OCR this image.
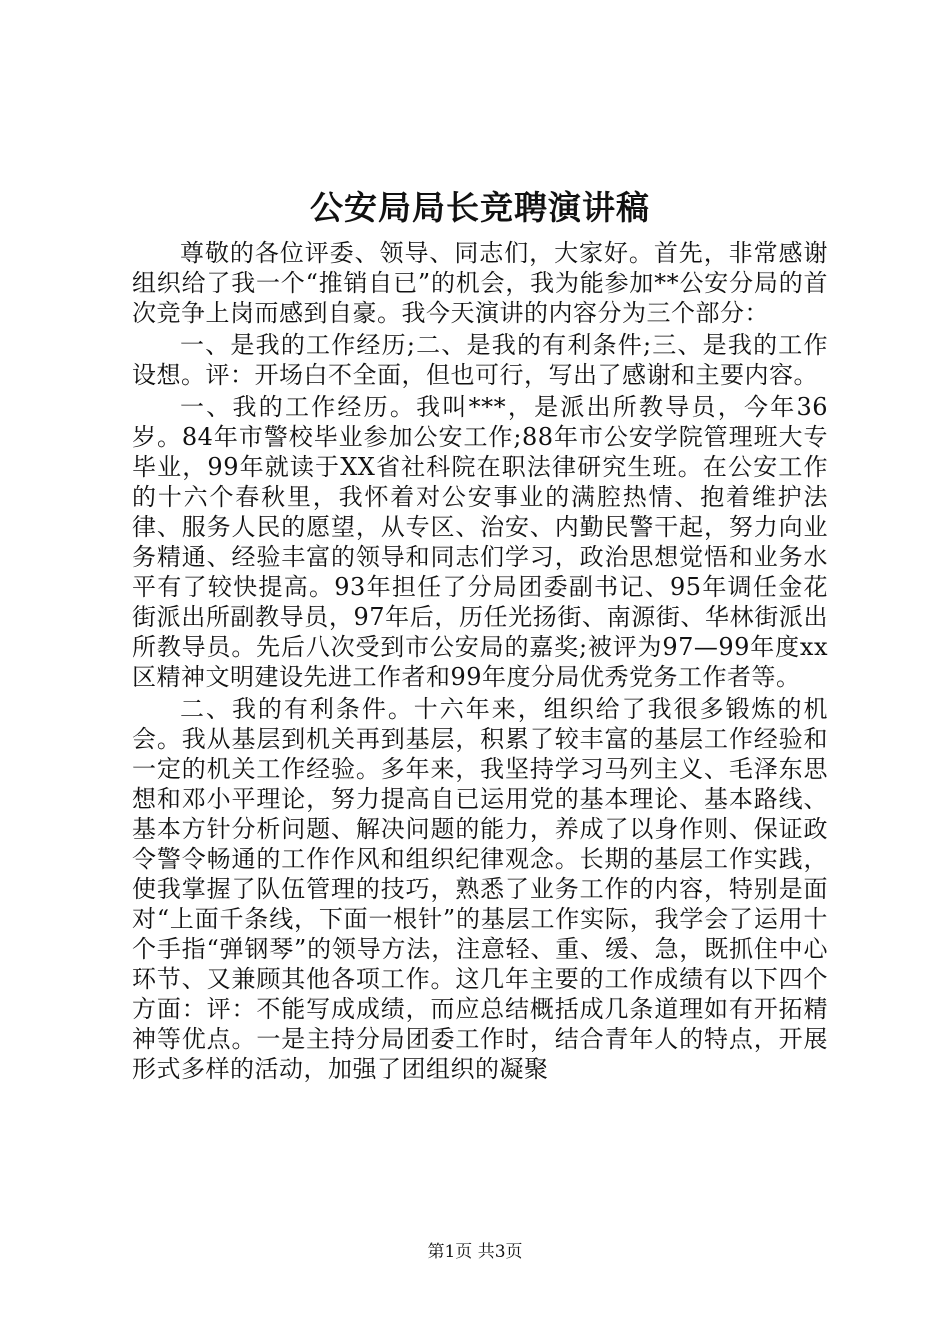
公安局局长竞聘演讲稿

尊敬的各位评委、领导、同志们，大家好。首先，非常感谢组织给了我一个“推销自已”的机会，我为能参加**公安分局的首次竞争上岗而感到自豪。我今天演讲的内容分为三个部分：

一、是我的工作经历;二、是我的有利条件;三、是我的工作设想。评：开场白不全面，但也可行，写出了感谢和主要内容。

一、我的工作经历。我叫***，是派出所教导员，今年36岁。84年市警校毕业参加公安工作;88年市公安学院管理班大专毕业，99年就读于XX省社科院在职法律研究生班。在公安工作的十六个春秋里，我怀着对公安事业的满腔热情、抱着维护法律、服务人民的愿望，从专区、治安、内勤民警干起，努力向业务精通、经验丰富的领导和同志们学习，政治思想觉悟和业务水平有了较快提高。93年担任了分局团委副书记、95年调任金花街派出所副教导员，97年后，历任光扬街、南源街、华林街派出所教导员。先后八次受到市公安局的嘉奖;被评为97—99年度xx区精神文明建设先进工作者和99年度分局优秀党务工作者等。

二、我的有利条件。十六年来，组织给了我很多锻炼的机会。我从基层到机关再到基层，积累了较丰富的基层工作经验和一定的机关工作经验。多年来，我坚持学习马列主义、毛泽东思想和邓小平理论，努力提高自已运用党的基本理论、基本路线、基本方针分析问题、解决问题的能力，养成了以身作则、保证政令警令畅通的工作作风和组织纪律观念。长期的基层工作实践，使我掌握了队伍管理的技巧，熟悉了业务工作的内容，特别是面对“上面千条线，下面一根针”的基层工作实际，我学会了运用十个手指“弹钢琴”的领导方法，注意轻、重、缓、急，既抓住中心环节、又兼顾其他各项工作。这几年主要的工作成绩有以下四个方面：评：不能写成成绩，而应总结概括成几条道理如有开拓精神等优点。一是主持分局团委工作时，结合青年人的特点，开展形式多样的活动，加强了团组织的凝聚

第1页 共3页
